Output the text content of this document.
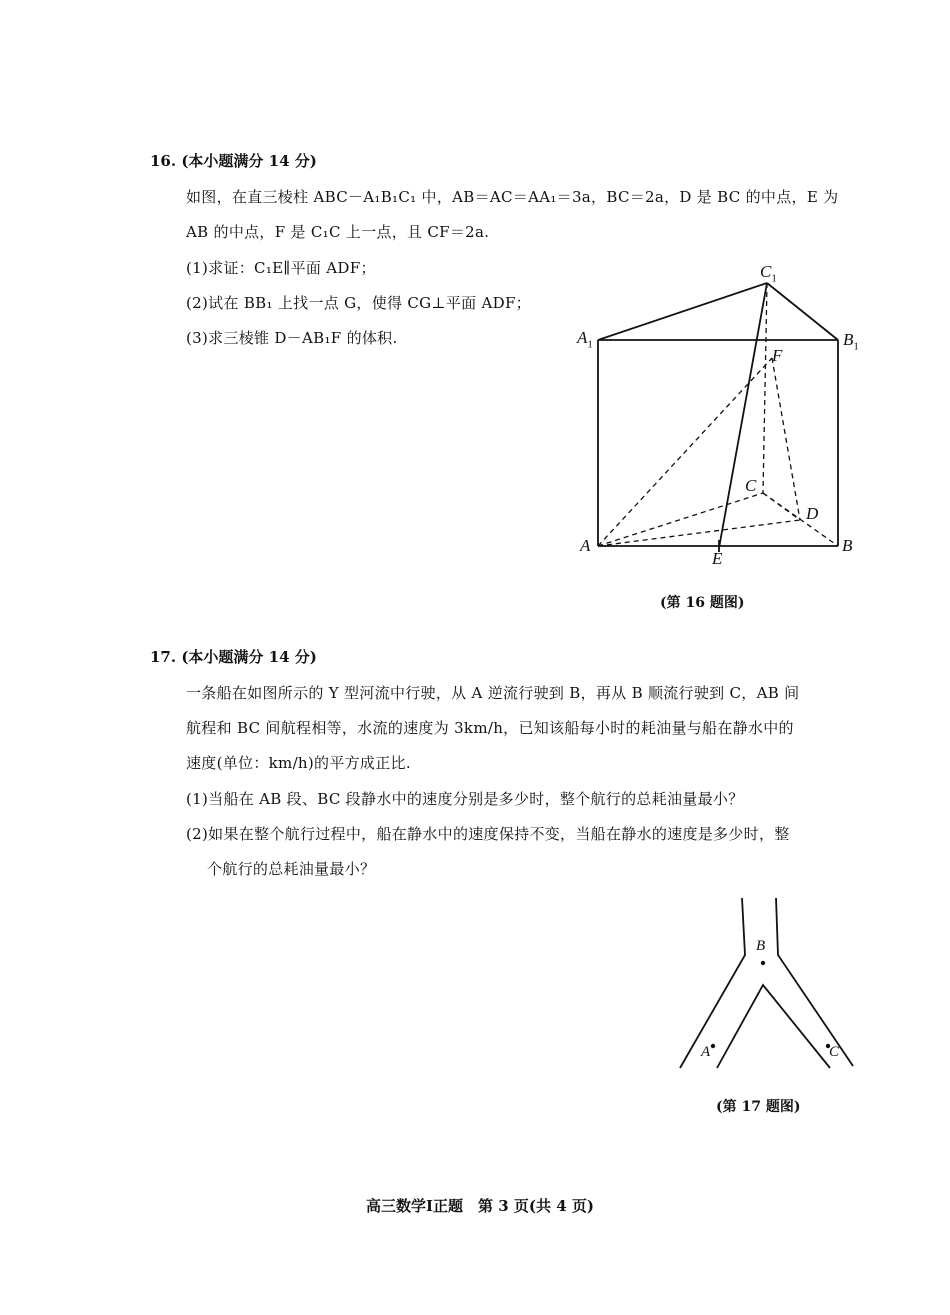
16. (本小题满分 14 分)
如图，在直三棱柱 ABC－A₁B₁C₁ 中，AB＝AC＝AA₁＝3a，BC＝2a，D 是 BC 的中点，E 为
AB 的中点，F 是 C₁C 上一点，且 CF＝2a.
(1)求证：C₁E∥平面 ADF；
(2)试在 BB₁ 上找一点 G，使得 CG⊥平面 ADF；
(3)求三棱锥 D－AB₁F 的体积.
$C_1$
$A_1$	$B_1$
F
C
D
A
E
B
(第 16 题图)
17. (本小题满分 14 分)
一条船在如图所示的 Y 型河流中行驶，从 A 逆流行驶到 B，再从 B 顺流行驶到 C，AB 间
航程和 BC 间航程相等，水流的速度为 3km/h，已知该船每小时的耗油量与船在静水中的
速度(单位：km/h)的平方成正比.
(1)当船在 AB 段、BC 段静水中的速度分别是多少时，整个航行的总耗油量最小？
(2)如果在整个航行过程中，船在静水中的速度保持不变，当船在静水的速度是多少时，整
个航行的总耗油量最小？
B
A	C
(第 17 题图)
高三数学Ⅰ正题　第 3 页(共 4 页)
